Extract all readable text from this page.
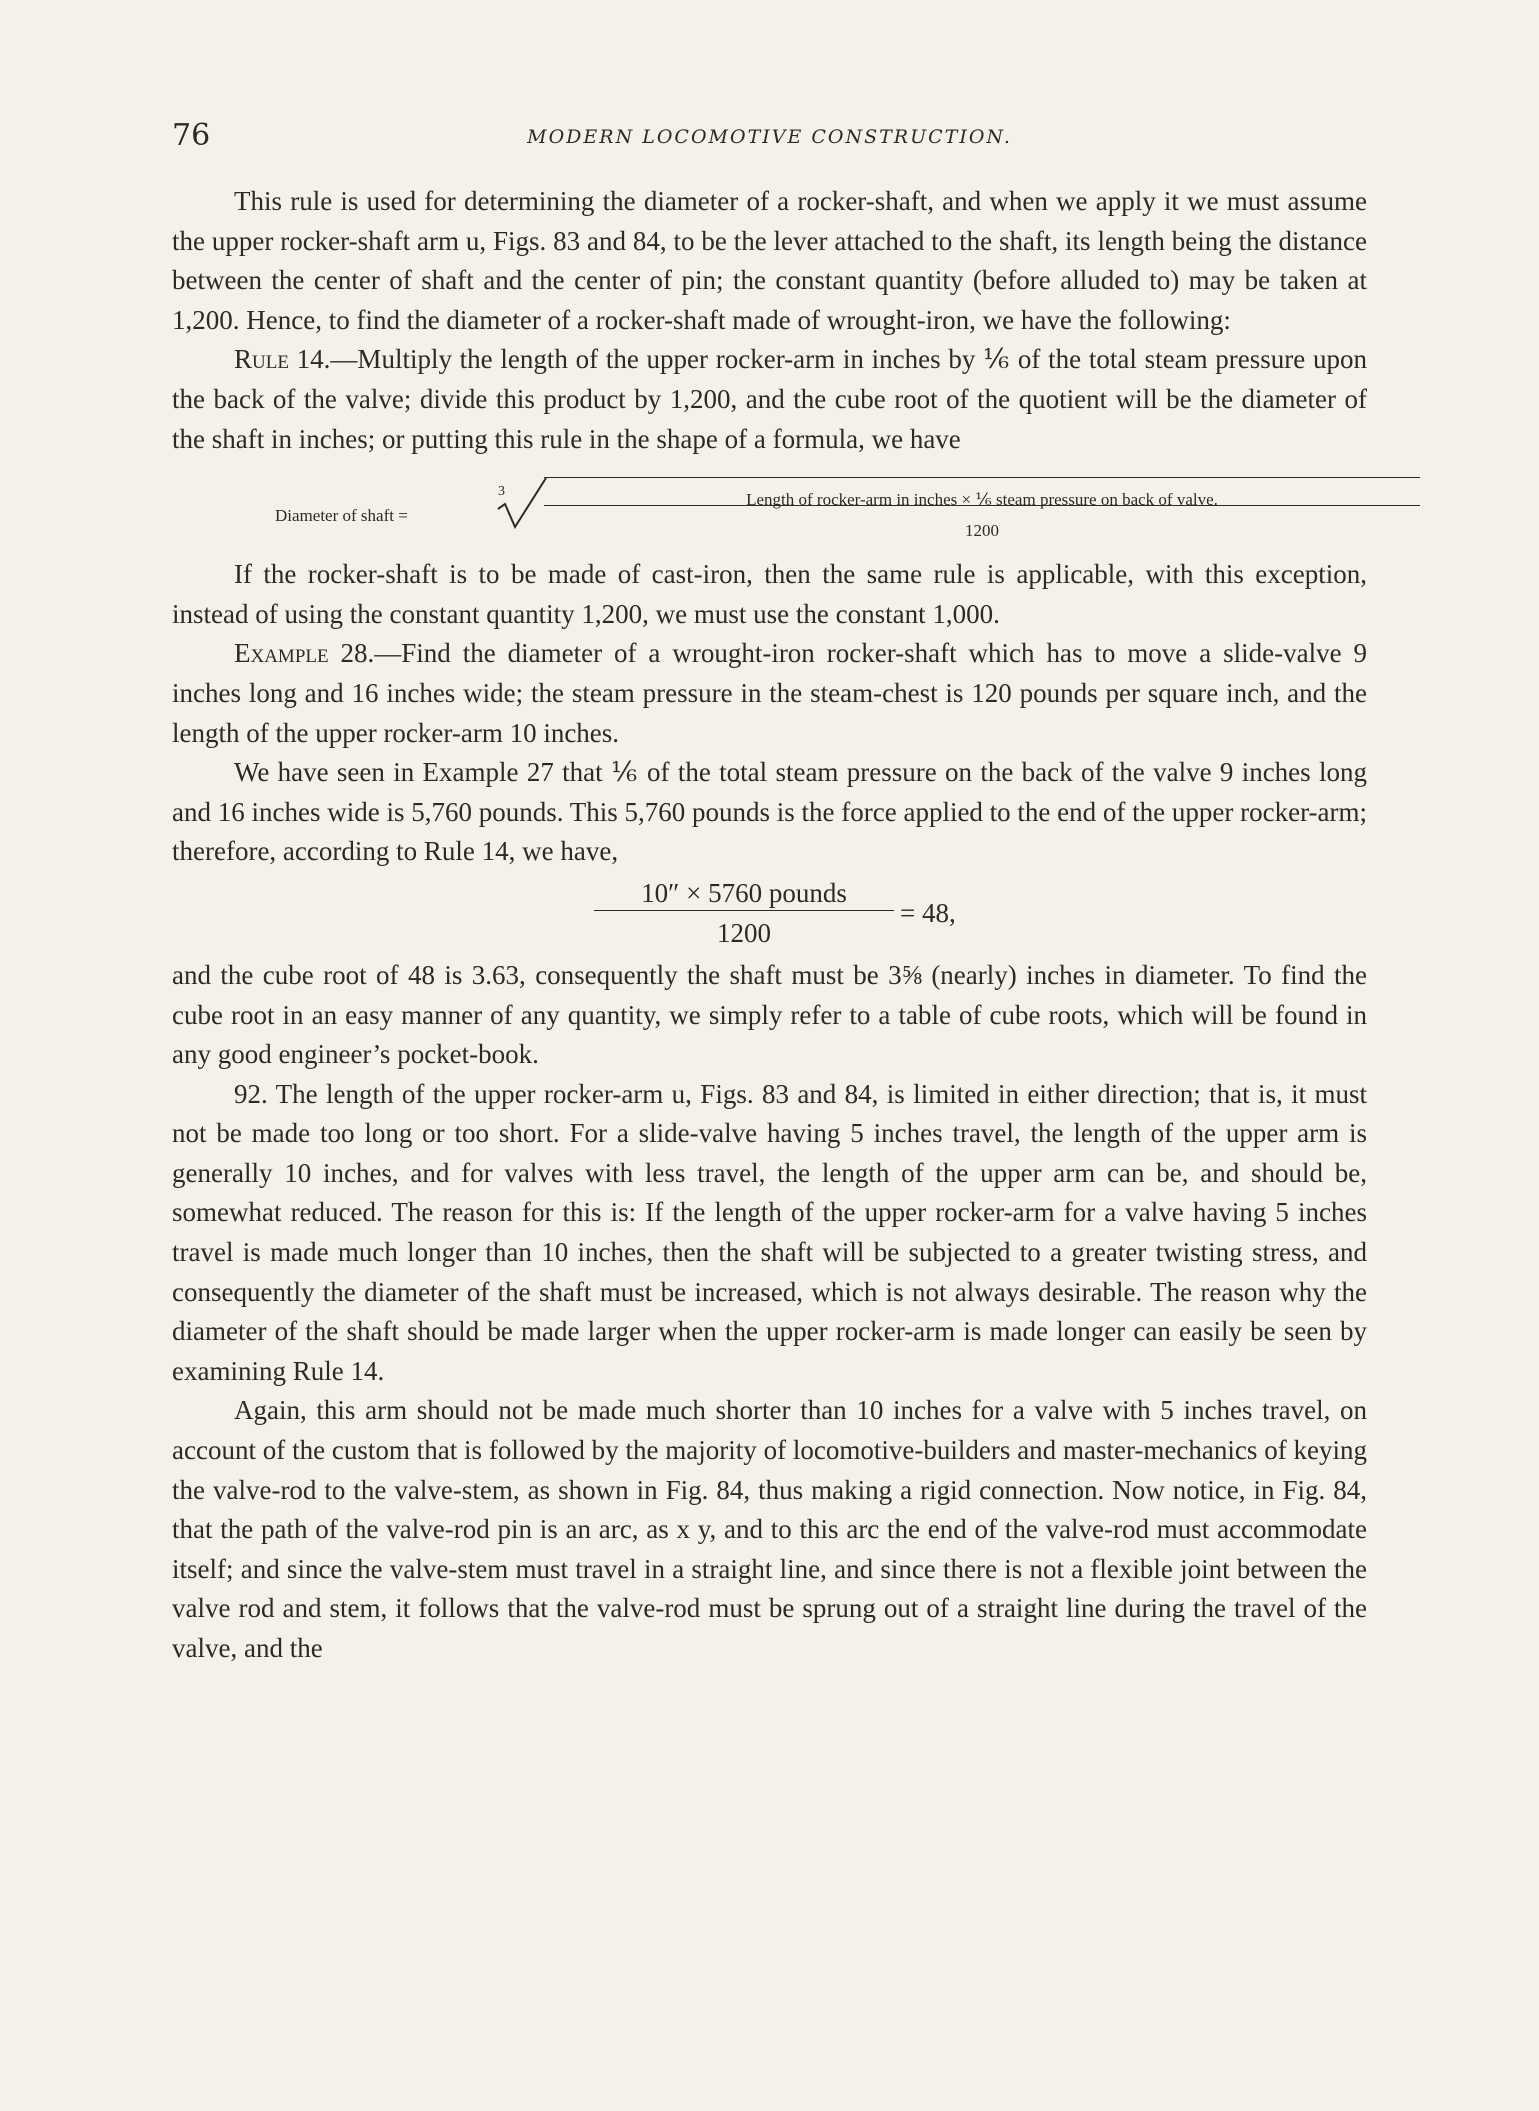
76	MODERN LOCOMOTIVE CONSTRUCTION.

This rule is used for determining the diameter of a rocker-shaft, and when we apply it we must assume the upper rocker-shaft arm u, Figs. 83 and 84, to be the lever attached to the shaft, its length being the distance between the center of shaft and the center of pin; the constant quantity (before alluded to) may be taken at 1,200. Hence, to find the diameter of a rocker-shaft made of wrought-iron, we have the following:

Rule 14.—Multiply the length of the upper rocker-arm in inches by ⅙ of the total steam pressure upon the back of the valve; divide this product by 1,200, and the cube root of the quotient will be the diameter of the shaft in inches; or putting this rule in the shape of a formula, we have

Diameter of shaft =
3	Length of rocker-arm in inches × ⅙ steam pressure on back of valve.
1200

If the rocker-shaft is to be made of cast-iron, then the same rule is applicable, with this exception, instead of using the constant quantity 1,200, we must use the constant 1,000.

Example 28.—Find the diameter of a wrought-iron rocker-shaft which has to move a slide-valve 9 inches long and 16 inches wide; the steam pressure in the steam-chest is 120 pounds per square inch, and the length of the upper rocker-arm 10 inches.

We have seen in Example 27 that ⅙ of the total steam pressure on the back of the valve 9 inches long and 16 inches wide is 5,760 pounds. This 5,760 pounds is the force applied to the end of the upper rocker-arm; therefore, according to Rule 14, we have,

10″ × 5760 pounds
1200
= 48,

and the cube root of 48 is 3.63, consequently the shaft must be 3⅝ (nearly) inches in diameter. To find the cube root in an easy manner of any quantity, we simply refer to a table of cube roots, which will be found in any good engineer’s pocket-book.

92. The length of the upper rocker-arm u, Figs. 83 and 84, is limited in either direction; that is, it must not be made too long or too short. For a slide-valve having 5 inches travel, the length of the upper arm is generally 10 inches, and for valves with less travel, the length of the upper arm can be, and should be, somewhat reduced. The reason for this is: If the length of the upper rocker-arm for a valve having 5 inches travel is made much longer than 10 inches, then the shaft will be subjected to a greater twisting stress, and consequently the diameter of the shaft must be increased, which is not always desirable. The reason why the diameter of the shaft should be made larger when the upper rocker-arm is made longer can easily be seen by examining Rule 14.

Again, this arm should not be made much shorter than 10 inches for a valve with 5 inches travel, on account of the custom that is followed by the majority of locomotive-builders and master-mechanics of keying the valve-rod to the valve-stem, as shown in Fig. 84, thus making a rigid connection. Now notice, in Fig. 84, that the path of the valve-rod pin is an arc, as x y, and to this arc the end of the valve-rod must accommodate itself; and since the valve-stem must travel in a straight line, and since there is not a flexible joint between the valve rod and stem, it follows that the valve-rod must be sprung out of a straight line during the travel of the valve, and the
